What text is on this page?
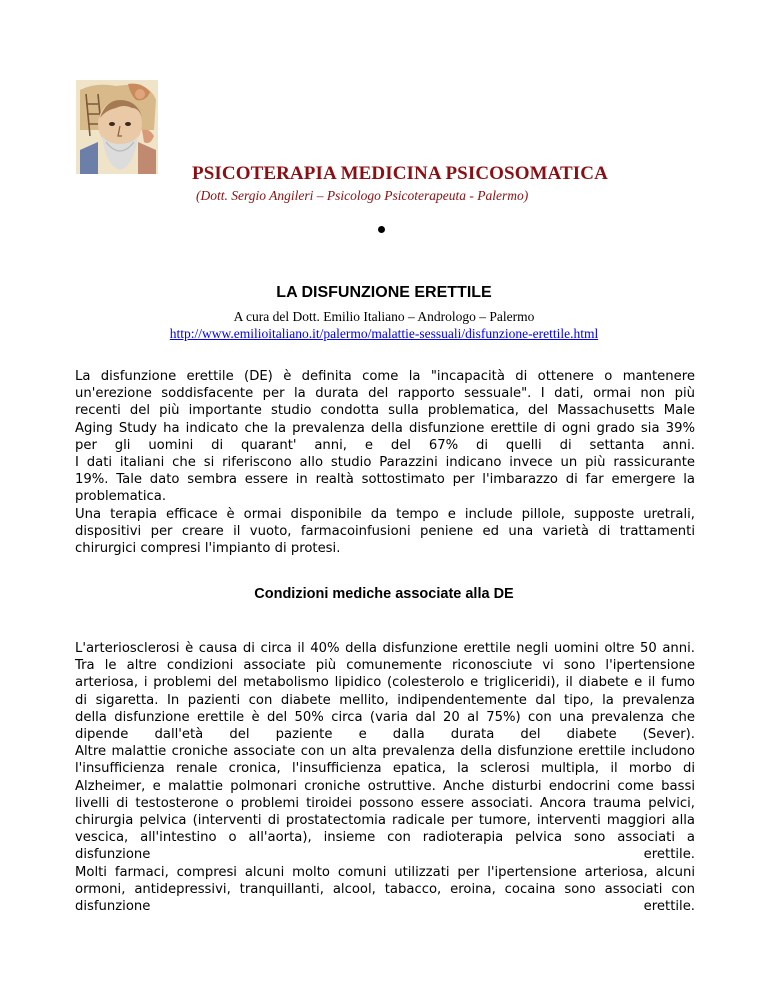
PSICOTERAPIA MEDICINA PSICOSOMATICA

(Dott. Sergio Angileri – Psicologo Psicoterapeuta - Palermo)

LA DISFUNZIONE ERETTILE

A cura del Dott. Emilio Italiano – Andrologo – Palermo

http://www.emilioitaliano.it/palermo/malattie-sessuali/disfunzione-erettile.html
La disfunzione erettile (DE) è definita come la "incapacità di ottenere o mantenere
un'erezione soddisfacente per la durata del rapporto sessuale". I dati, ormai non più
recenti del più importante studio condotta sulla problematica, del Massachusetts Male
Aging Study ha indicato che la prevalenza della disfunzione erettile di ogni grado sia 39%
per gli uomini di quarant' anni, e del 67% di quelli di settanta anni.
I dati italiani che si riferiscono allo studio Parazzini indicano invece un più rassicurante
19%. Tale dato sembra essere in realtà sottostimato per l'imbarazzo di far emergere la
problematica.
Una terapia efficace è ormai disponibile da tempo e include pillole, supposte uretrali,
dispositivi per creare il vuoto, farmacoinfusioni peniene ed una varietà di trattamenti
chirurgici compresi l'impianto di protesi.
Condizioni mediche associate alla DE
L'arteriosclerosi è causa di circa il 40% della disfunzione erettile negli uomini oltre 50 anni.
Tra le altre condizioni associate più comunemente riconosciute vi sono l'ipertensione
arteriosa, i problemi del metabolismo lipidico (colesterolo e trigliceridi), il diabete e il fumo
di sigaretta. In pazienti con diabete mellito, indipendentemente dal tipo, la prevalenza
della disfunzione erettile è del 50% circa (varia dal 20 al 75%) con una prevalenza che
dipende dall'età del paziente e dalla durata del diabete (Sever).
Altre malattie croniche associate con un alta prevalenza della disfunzione erettile includono
l'insufficienza renale cronica, l'insufficienza epatica, la sclerosi multipla, il morbo di
Alzheimer, e malattie polmonari croniche ostruttive. Anche disturbi endocrini come bassi
livelli di testosterone o problemi tiroidei possono essere associati. Ancora trauma pelvici,
chirurgia pelvica (interventi di prostatectomia radicale per tumore, interventi maggiori alla
vescica, all'intestino o all'aorta), insieme con radioterapia pelvica sono associati a
disfunzione erettile.
Molti farmaci, compresi alcuni molto comuni utilizzati per l'ipertensione arteriosa, alcuni
ormoni, antidepressivi, tranquillanti, alcool, tabacco, eroina, cocaina sono associati con
disfunzione erettile.
